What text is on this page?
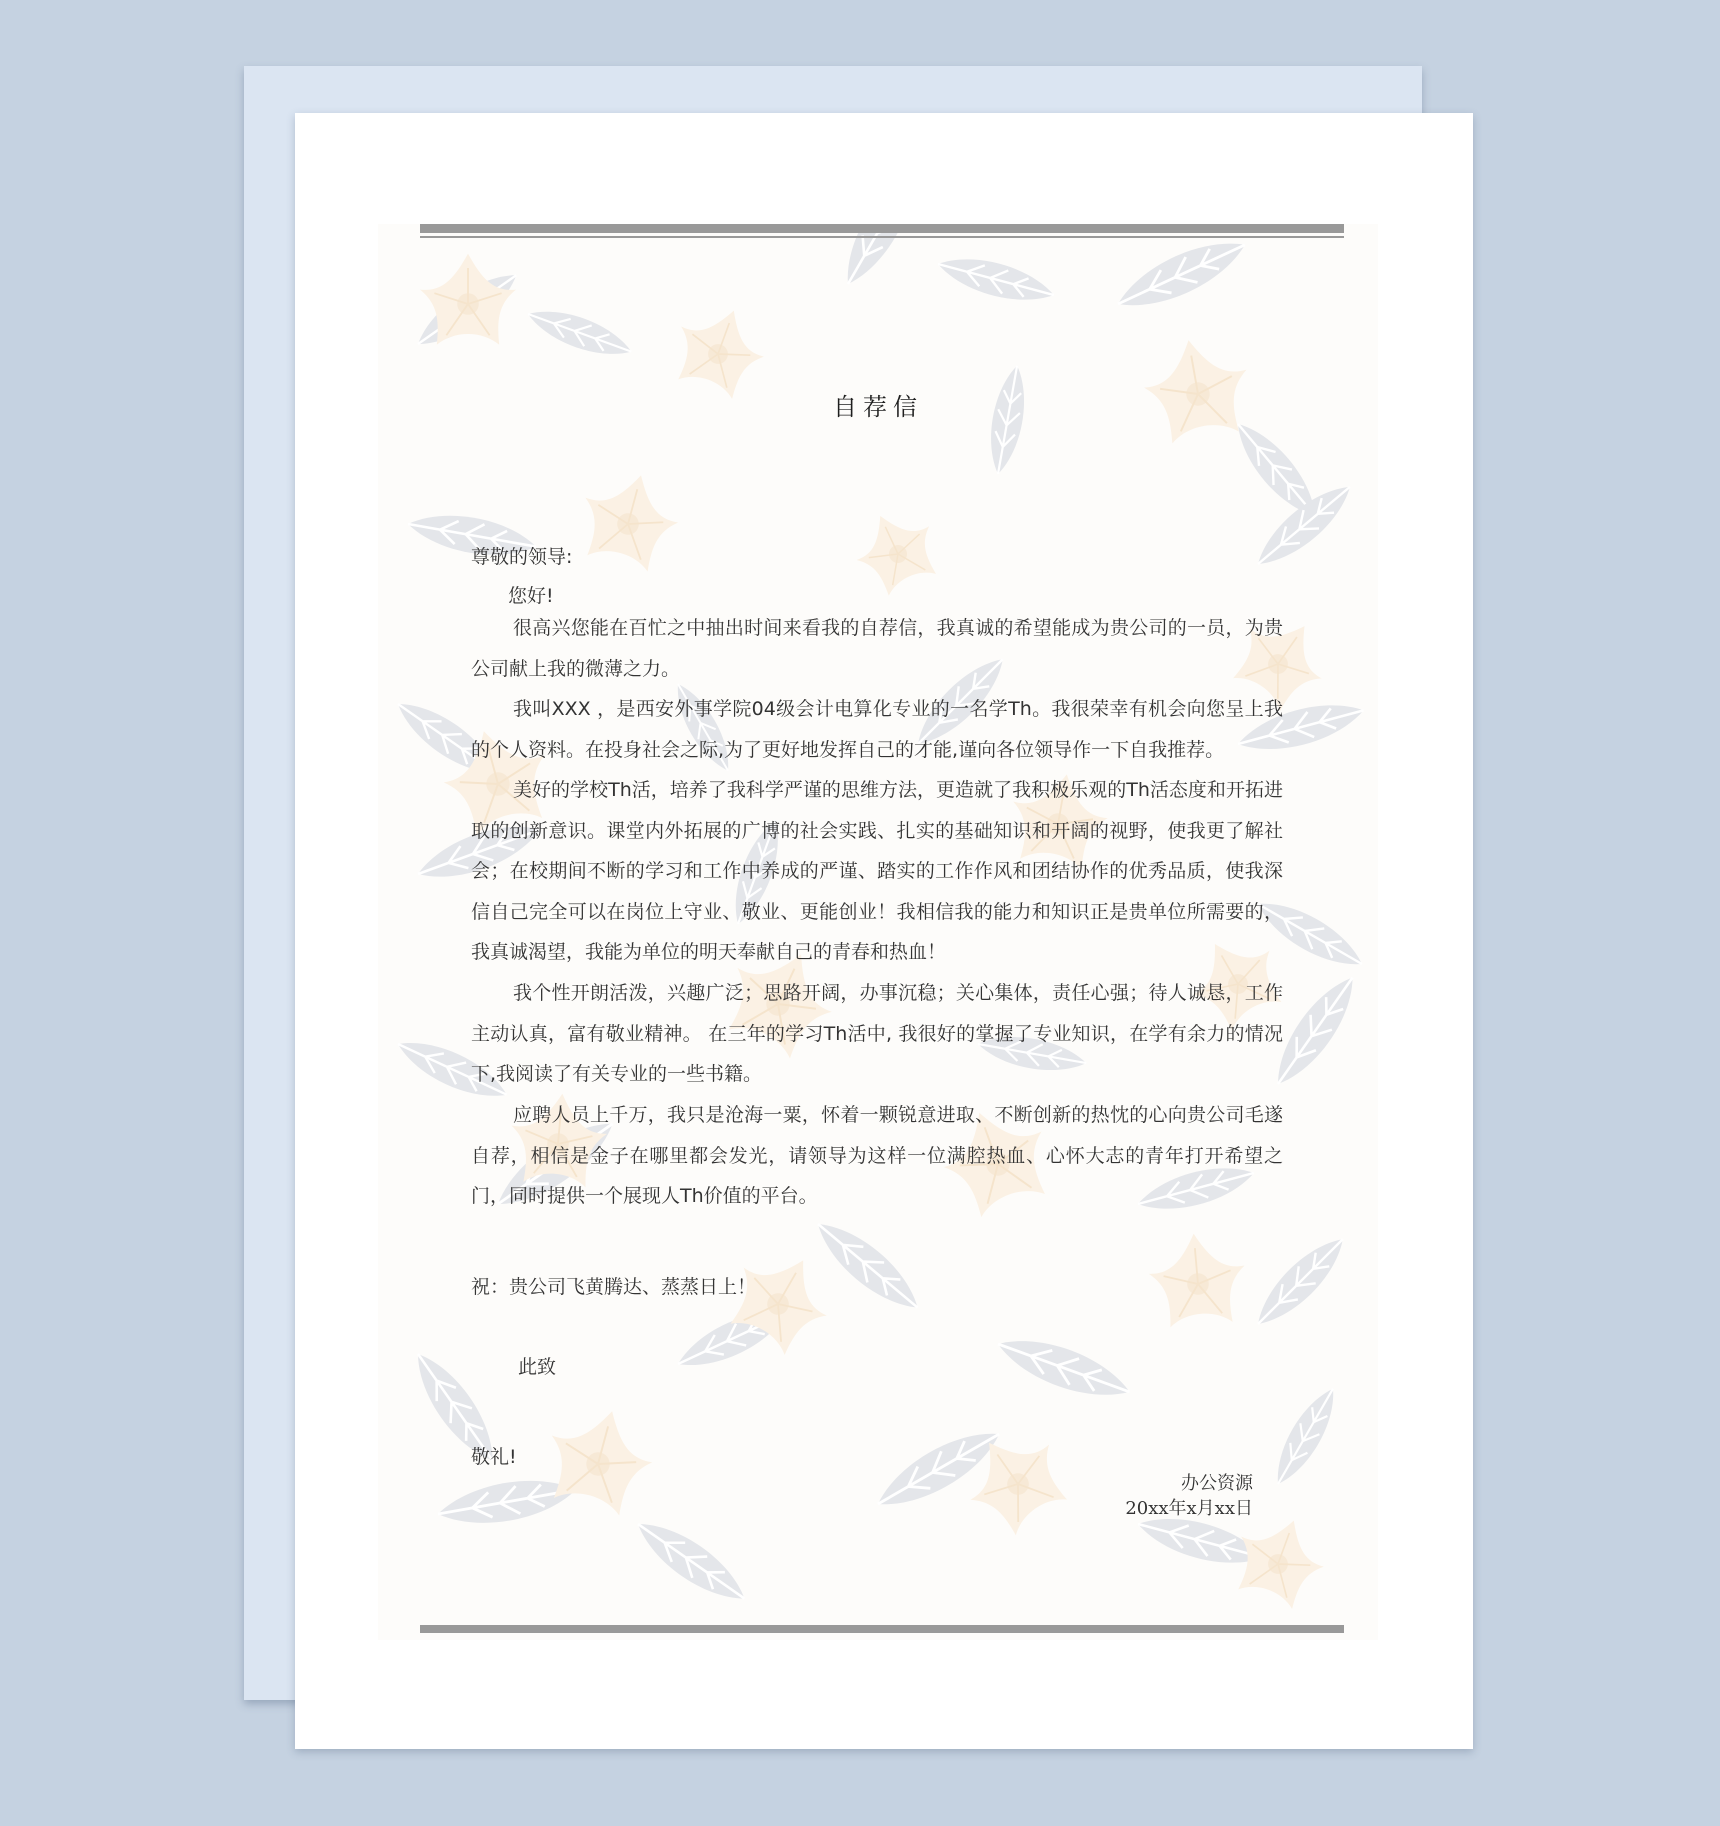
自荐信
尊敬的领导:
您好!
很高兴您能在百忙之中抽出时间来看我的自荐信，我真诚的希望能成为贵公司的一员，为贵公司献上我的微薄之力。
我叫XXX ，是西安外事学院04级会计电算化专业的一名学Th。我很荣幸有机会向您呈上我的个人资料。在投身社会之际,为了更好地发挥自己的才能,谨向各位领导作一下自我推荐。
美好的学校Th活，培养了我科学严谨的思维方法，更造就了我积极乐观的Th活态度和开拓进取的创新意识。课堂内外拓展的广博的社会实践、扎实的基础知识和开阔的视野，使我更了解社会；在校期间不断的学习和工作中养成的严谨、踏实的工作作风和团结协作的优秀品质，使我深信自己完全可以在岗位上守业、敬业、更能创业！我相信我的能力和知识正是贵单位所需要的，我真诚渴望，我能为单位的明天奉献自己的青春和热血！
我个性开朗活泼，兴趣广泛；思路开阔，办事沉稳；关心集体，责任心强；待人诚恳，工作主动认真，富有敬业精神。 在三年的学习Th活中, 我很好的掌握了专业知识，在学有余力的情况下,我阅读了有关专业的一些书籍。
应聘人员上千万，我只是沧海一粟，怀着一颗锐意进取、不断创新的热忱的心向贵公司毛遂自荐，相信是金子在哪里都会发光，请领导为这样一位满腔热血、心怀大志的青年打开希望之门，同时提供一个展现人Th价值的平台。
祝：贵公司飞黄腾达、蒸蒸日上！
此致
敬礼!
办公资源
20xx年x月xx日
